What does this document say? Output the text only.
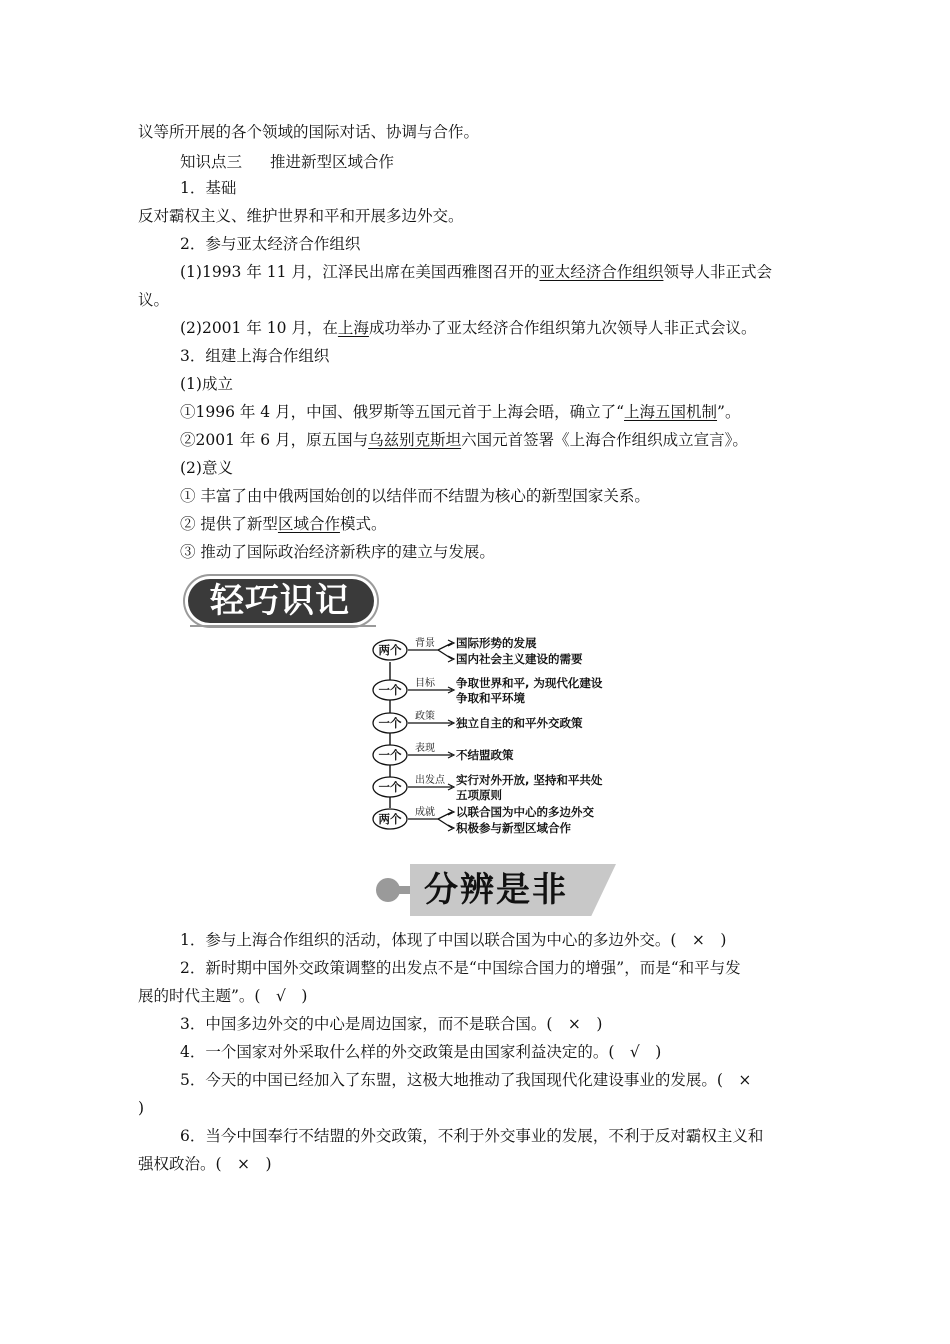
议等所开展的各个领域的国际对话、协调与合作。
知识点三 推进新型区域合作
1．基础
反对霸权主义、维护世界和平和开展多边外交。
2．参与亚太经济合作组织
(1)1993 年 11 月，江泽民出席在美国西雅图召开的亚太经济合作组织领导人非正式会
议。
(2)2001 年 10 月，在上海成功举办了亚太经济合作组织第九次领导人非正式会议。
3．组建上海合作组织
(1)成立
①1996 年 4 月，中国、俄罗斯等五国元首于上海会晤，确立了“上海五国机制”。
②2001 年 6 月，原五国与乌兹别克斯坦六国元首签署《上海合作组织成立宣言》。
(2)意义
① 丰富了由中俄两国始创的以结伴而不结盟为核心的新型国家关系。
② 提供了新型区域合作模式。
③ 推动了国际政治经济新秩序的建立与发展。
轻巧识记
两个 背景 国际形势的发展
国内社会主义建设的需要
一个 目标 争取世界和平, 为现代化建设
争取和平环境
一个 政策 独立自主的和平外交政策
一个 表现 不结盟政策
一个 出发点 实行对外开放, 坚持和平共处
五项原则
两个 成就 以联合国为中心的多边外交
积极参与新型区域合作
分辨是非
1．参与上海合作组织的活动，体现了中国以联合国为中心的多边外交。(　×　)
2．新时期中国外交政策调整的出发点不是“中国综合国力的增强”，而是“和平与发
展的时代主题”。(　√　)
3．中国多边外交的中心是周边国家，而不是联合国。(　×　)
4．一个国家对外采取什么样的外交政策是由国家利益决定的。(　√　)
5．今天的中国已经加入了东盟，这极大地推动了我国现代化建设事业的发展。(　×
)
6．当今中国奉行不结盟的外交政策，不利于外交事业的发展，不利于反对霸权主义和
强权政治。(　×　)
